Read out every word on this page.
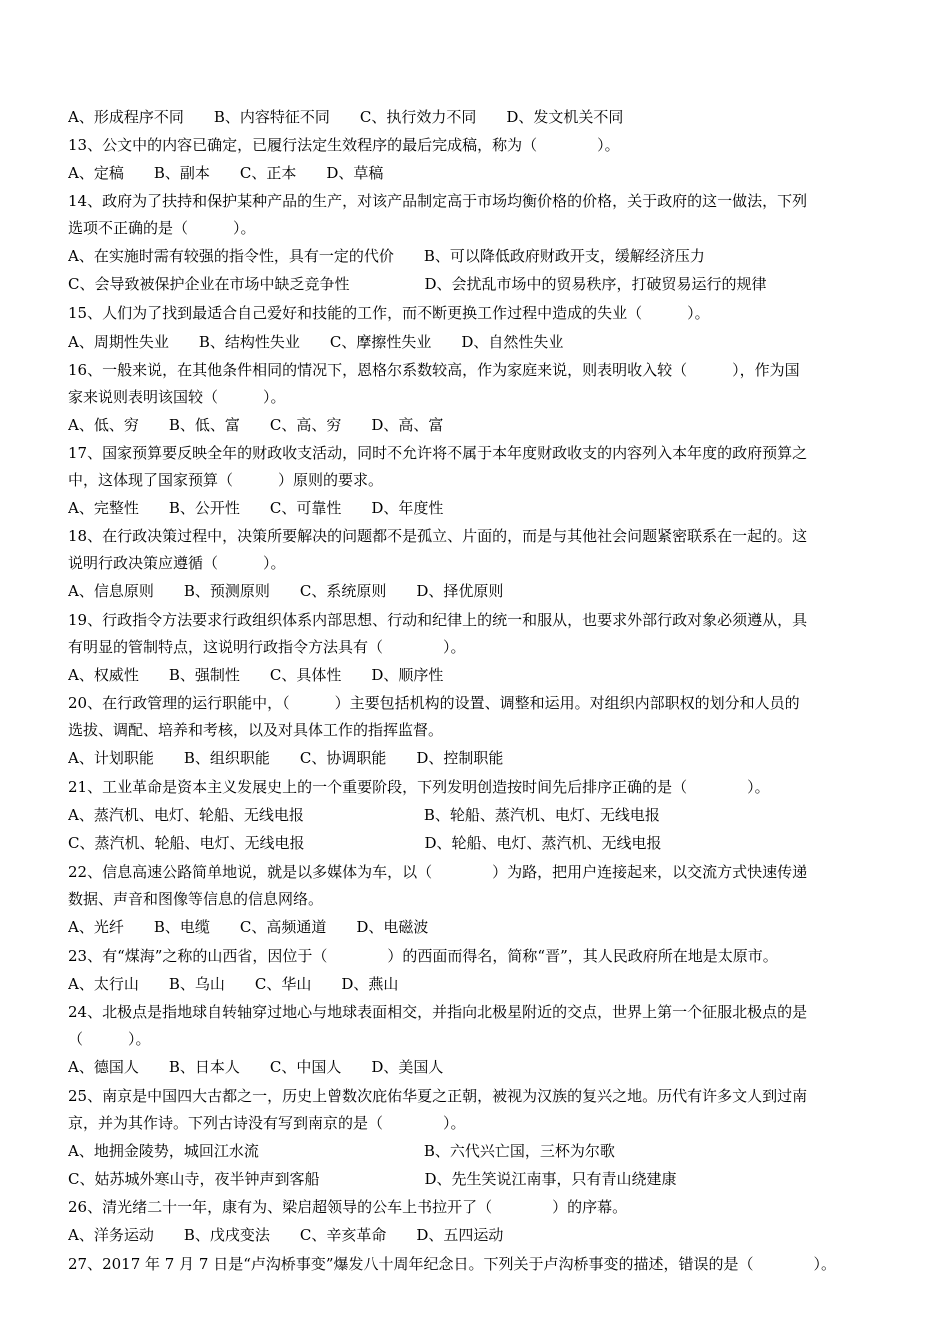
A、形成程序不同　　B、内容特征不同　　C、执行效力不同　　D、发文机关不同
13、公文中的内容已确定，已履行法定生效程序的最后完成稿，称为（　　　　）。
A、定稿　　B、副本　　C、正本　　D、草稿
14、政府为了扶持和保护某种产品的生产，对该产品制定高于市场均衡价格的价格，关于政府的这一做法，下列
选项不正确的是（　　　）。
A、在实施时需有较强的指令性，具有一定的代价　　B、可以降低政府财政开支，缓解经济压力
C、会导致被保护企业在市场中缺乏竞争性　　　　　D、会扰乱市场中的贸易秩序，打破贸易运行的规律
15、人们为了找到最适合自己爱好和技能的工作，而不断更换工作过程中造成的失业（　　　）。
A、周期性失业　　B、结构性失业　　C、摩擦性失业　　D、自然性失业
16、一般来说，在其他条件相同的情况下，恩格尔系数较高，作为家庭来说，则表明收入较（　　　），作为国
家来说则表明该国较（　　　）。
A、低、穷　　B、低、富　　C、高、穷　　D、高、富
17、国家预算要反映全年的财政收支活动，同时不允许将不属于本年度财政收支的内容列入本年度的政府预算之
中，这体现了国家预算（　　　）原则的要求。
A、完整性　　B、公开性　　C、可靠性　　D、年度性
18、在行政决策过程中，决策所要解决的问题都不是孤立、片面的，而是与其他社会问题紧密联系在一起的。这
说明行政决策应遵循（　　　）。
A、信息原则　　B、预测原则　　C、系统原则　　D、择优原则
19、行政指令方法要求行政组织体系内部思想、行动和纪律上的统一和服从，也要求外部行政对象必须遵从，具
有明显的管制特点，这说明行政指令方法具有（　　　　）。
A、权威性　　B、强制性　　C、具体性　　D、顺序性
20、在行政管理的运行职能中，（　　　）主要包括机构的设置、调整和运用。对组织内部职权的划分和人员的
选拔、调配、培养和考核，以及对具体工作的指挥监督。
A、计划职能　　B、组织职能　　C、协调职能　　D、控制职能
21、工业革命是资本主义发展史上的一个重要阶段，下列发明创造按时间先后排序正确的是（　　　　）。
A、蒸汽机、电灯、轮船、无线电报　　　　　　　　B、轮船、蒸汽机、电灯、无线电报
C、蒸汽机、轮船、电灯、无线电报　　　　　　　　D、轮船、电灯、蒸汽机、无线电报
22、信息高速公路简单地说，就是以多媒体为车，以（　　　　）为路，把用户连接起来，以交流方式快速传递
数据、声音和图像等信息的信息网络。
A、光纤　　B、电缆　　C、高频通道　　D、电磁波
23、有“煤海”之称的山西省，因位于（　　　　）的西面而得名，简称“晋”，其人民政府所在地是太原市。
A、太行山　　B、乌山　　C、华山　　D、燕山
24、北极点是指地球自转轴穿过地心与地球表面相交，并指向北极星附近的交点，世界上第一个征服北极点的是
（　　　）。
A、德国人　　B、日本人　　C、中国人　　D、美国人
25、南京是中国四大古都之一，历史上曾数次庇佑华夏之正朝，被视为汉族的复兴之地。历代有许多文人到过南
京，并为其作诗。下列古诗没有写到南京的是（　　　　）。
A、地拥金陵势，城回江水流　　　　　　　　　　　B、六代兴亡国，三杯为尔歌
C、姑苏城外寒山寺，夜半钟声到客船　　　　　　　D、先生笑说江南事，只有青山绕建康
26、清光绪二十一年，康有为、梁启超领导的公车上书拉开了（　　　　）的序幕。
A、洋务运动　　B、戊戌变法　　C、辛亥革命　　D、五四运动
27、2017 年 7 月 7 日是“卢沟桥事变”爆发八十周年纪念日。下列关于卢沟桥事变的描述，错误的是（　　　　）。
